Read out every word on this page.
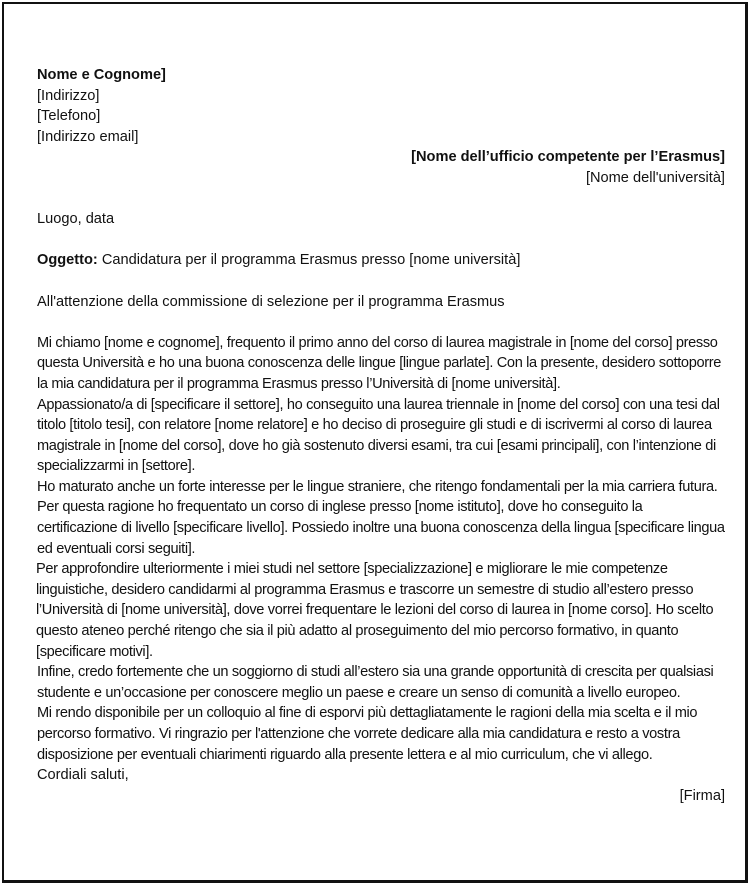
Nome e Cognome]

[Indirizzo]

[Telefono]

[Indirizzo email]

[Nome dell’ufficio competente per l’Erasmus]

[Nome dell'università]

Luogo, data

Oggetto: Candidatura per il programma Erasmus presso [nome università]

All'attenzione della commissione di selezione per il programma Erasmus

Mi chiamo [nome e cognome], frequento il primo anno del corso di laurea magistrale in [nome del corso] presso questa Università e ho una buona conoscenza delle lingue [lingue parlate]. Con la presente, desidero sottoporre la mia candidatura per il programma Erasmus presso l’Università di [nome università].

Appassionato/a di [specificare il settore], ho conseguito una laurea triennale in [nome del corso] con una tesi dal titolo [titolo tesi], con relatore [nome relatore] e ho deciso di proseguire gli studi e di iscrivermi al corso di laurea magistrale in [nome del corso], dove ho già sostenuto diversi esami, tra cui [esami principali], con l’intenzione di specializzarmi in [settore].

Ho maturato anche un forte interesse per le lingue straniere, che ritengo fondamentali per la mia carriera futura. Per questa ragione ho frequentato un corso di inglese presso [nome istituto], dove ho conseguito la certificazione di livello [specificare livello]. Possiedo inoltre una buona conoscenza della lingua [specificare lingua ed eventuali corsi seguiti].

Per approfondire ulteriormente i miei studi nel settore [specializzazione] e migliorare le mie competenze linguistiche, desidero candidarmi al programma Erasmus e trascorre un semestre di studio all’estero presso l’Università di [nome università], dove vorrei frequentare le lezioni del corso di laurea in [nome corso]. Ho scelto questo ateneo perché ritengo che sia il più adatto al proseguimento del mio percorso formativo, in quanto [specificare motivi].

Infine, credo fortemente che un soggiorno di studi all’estero sia una grande opportunità di crescita per qualsiasi studente e un’occasione per conoscere meglio un paese e creare un senso di comunità a livello europeo.

Mi rendo disponibile per un colloquio al fine di esporvi più dettagliatamente le ragioni della mia scelta e il mio percorso formativo. Vi ringrazio per l'attenzione che vorrete dedicare alla mia candidatura e resto a vostra disposizione per eventuali chiarimenti riguardo alla presente lettera e al mio curriculum, che vi allego.

Cordiali saluti,

[Firma]
